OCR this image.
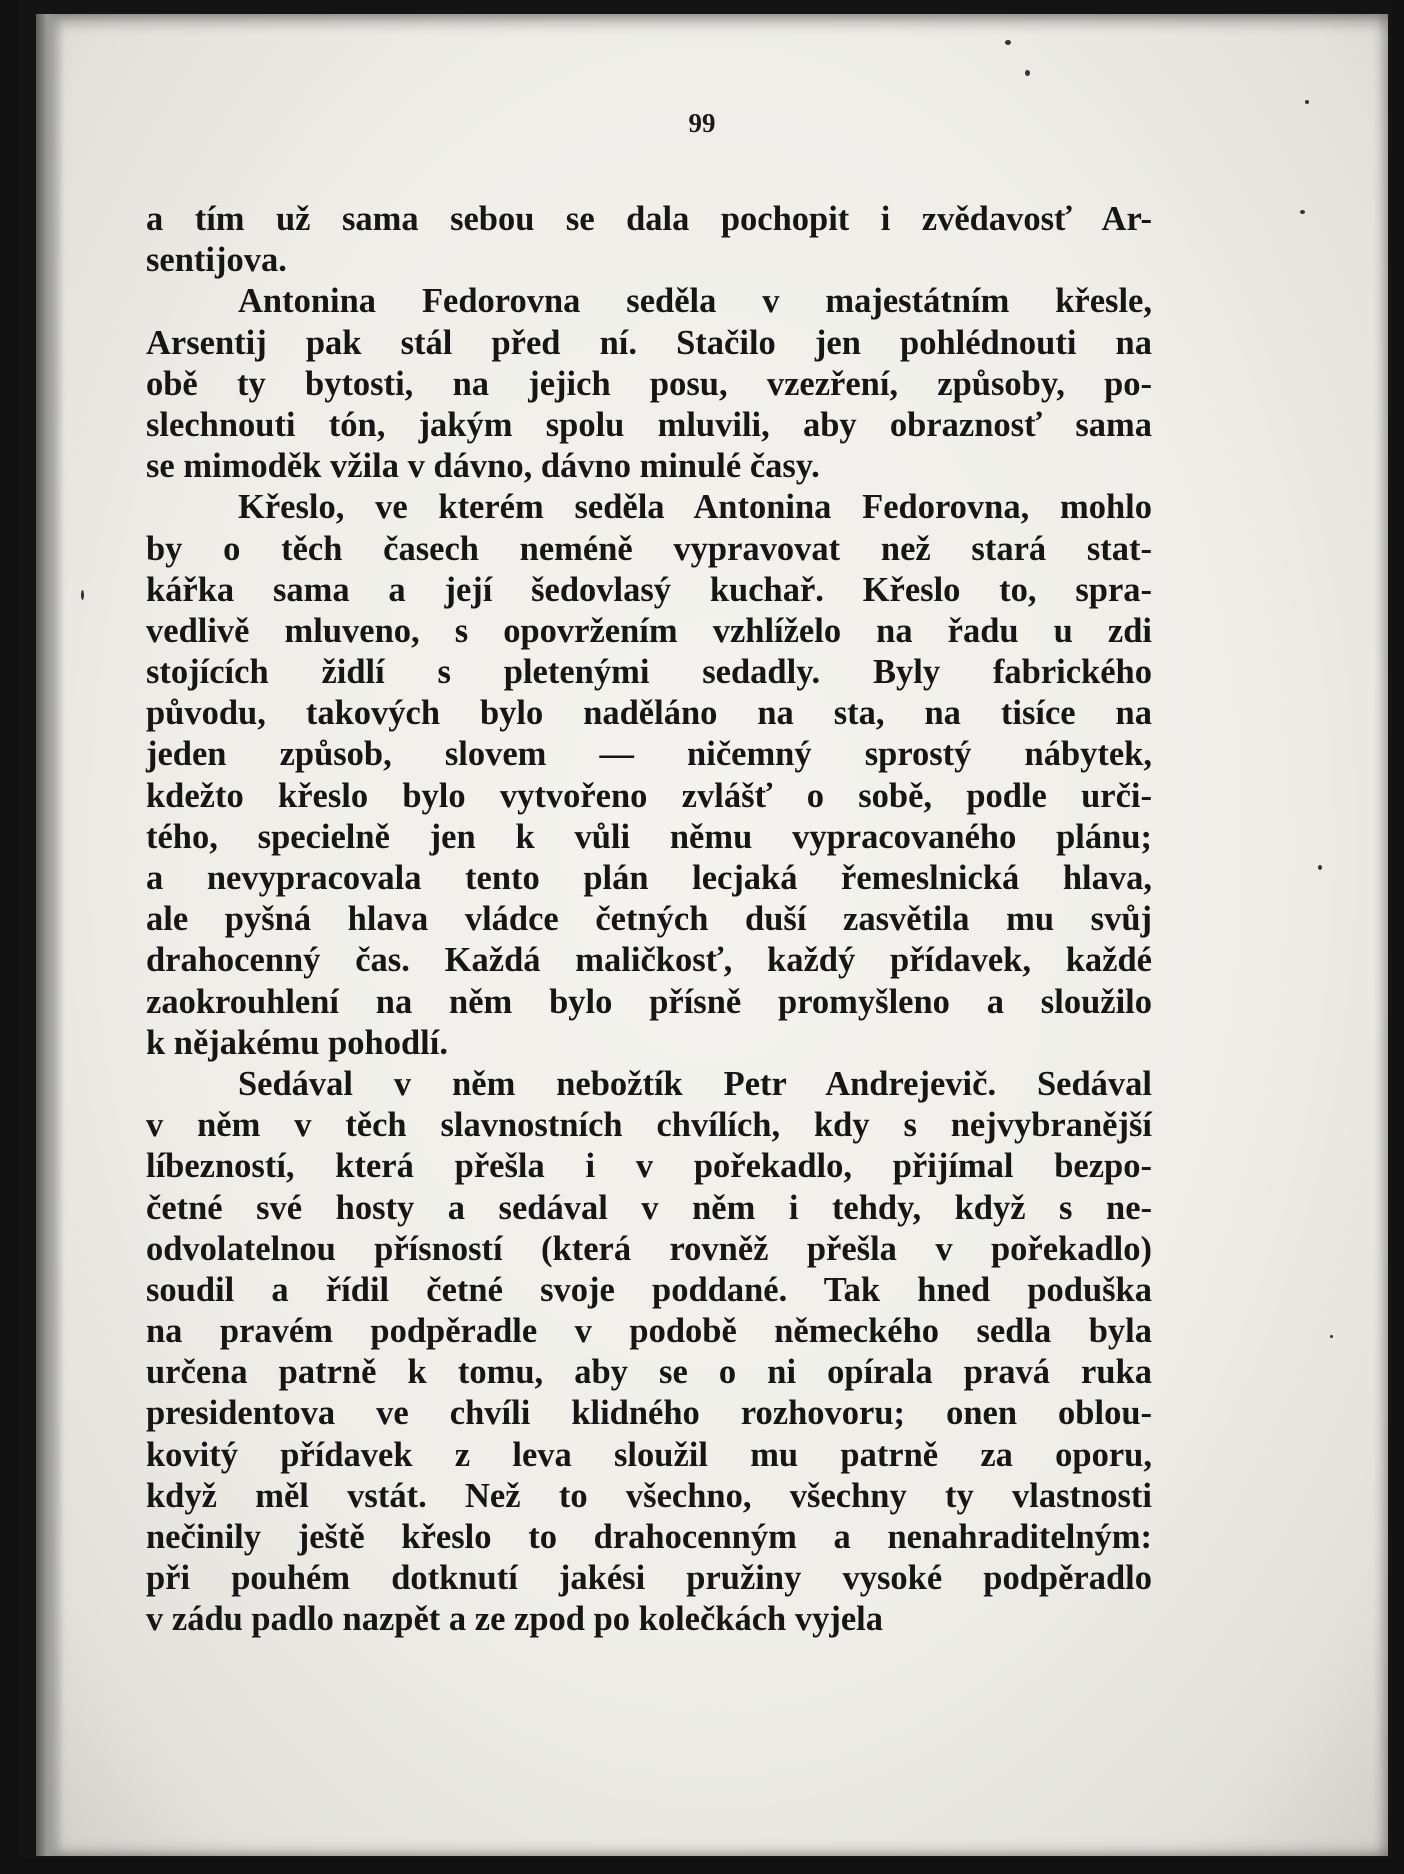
99
a tím už sama sebou se dala pochopit i zvědavosť Ar-
sentijova.
Antonina Fedorovna seděla v majestátním křesle,
Arsentij pak stál před ní. Stačilo jen pohlédnouti na
obě ty bytosti, na jejich posu, vzezření, způsoby, po-
slechnouti tón, jakým spolu mluvili, aby obraznosť sama
se mimoděk vžila v dávno, dávno minulé časy.
Křeslo, ve kterém seděla Antonina Fedorovna, mohlo
by o těch časech neméně vypravovat než stará stat-
kářka sama a její šedovlasý kuchař. Křeslo to, spra-
vedlivě mluveno, s opovržením vzhlíželo na řadu u zdi
stojících židlí s pletenými sedadly. Byly fabrického
původu, takových bylo naděláno na sta, na tisíce na
jeden způsob, slovem — ničemný sprostý nábytek,
kdežto křeslo bylo vytvořeno zvlášť o sobě, podle urči-
tého, specielně jen k vůli němu vypracovaného plánu;
a nevypracovala tento plán lecjaká řemeslnická hlava,
ale pyšná hlava vládce četných duší zasvětila mu svůj
drahocenný čas. Každá maličkosť, každý přídavek, každé
zaokrouhlení na něm bylo přísně promyšleno a sloužilo
k nějakému pohodlí.
Sedával v něm nebožtík Petr Andrejevič. Sedával
v něm v těch slavnostních chvílích, kdy s nejvybranější
líbezností, která přešla i v pořekadlo, přijímal bezpo-
četné své hosty a sedával v něm i tehdy, když s ne-
odvolatelnou přísností (která rovněž přešla v pořekadlo)
soudil a řídil četné svoje poddané. Tak hned poduška
na pravém podpěradle v podobě německého sedla byla
určena patrně k tomu, aby se o ni opírala pravá ruka
presidentova ve chvíli klidného rozhovoru; onen oblou-
kovitý přídavek z leva sloužil mu patrně za oporu,
když měl vstát. Než to všechno, všechny ty vlastnosti
nečinily ještě křeslo to drahocenným a nenahraditelným:
při pouhém dotknutí jakési pružiny vysoké podpěradlo
v zádu padlo nazpět a ze zpod po kolečkách vyjela
